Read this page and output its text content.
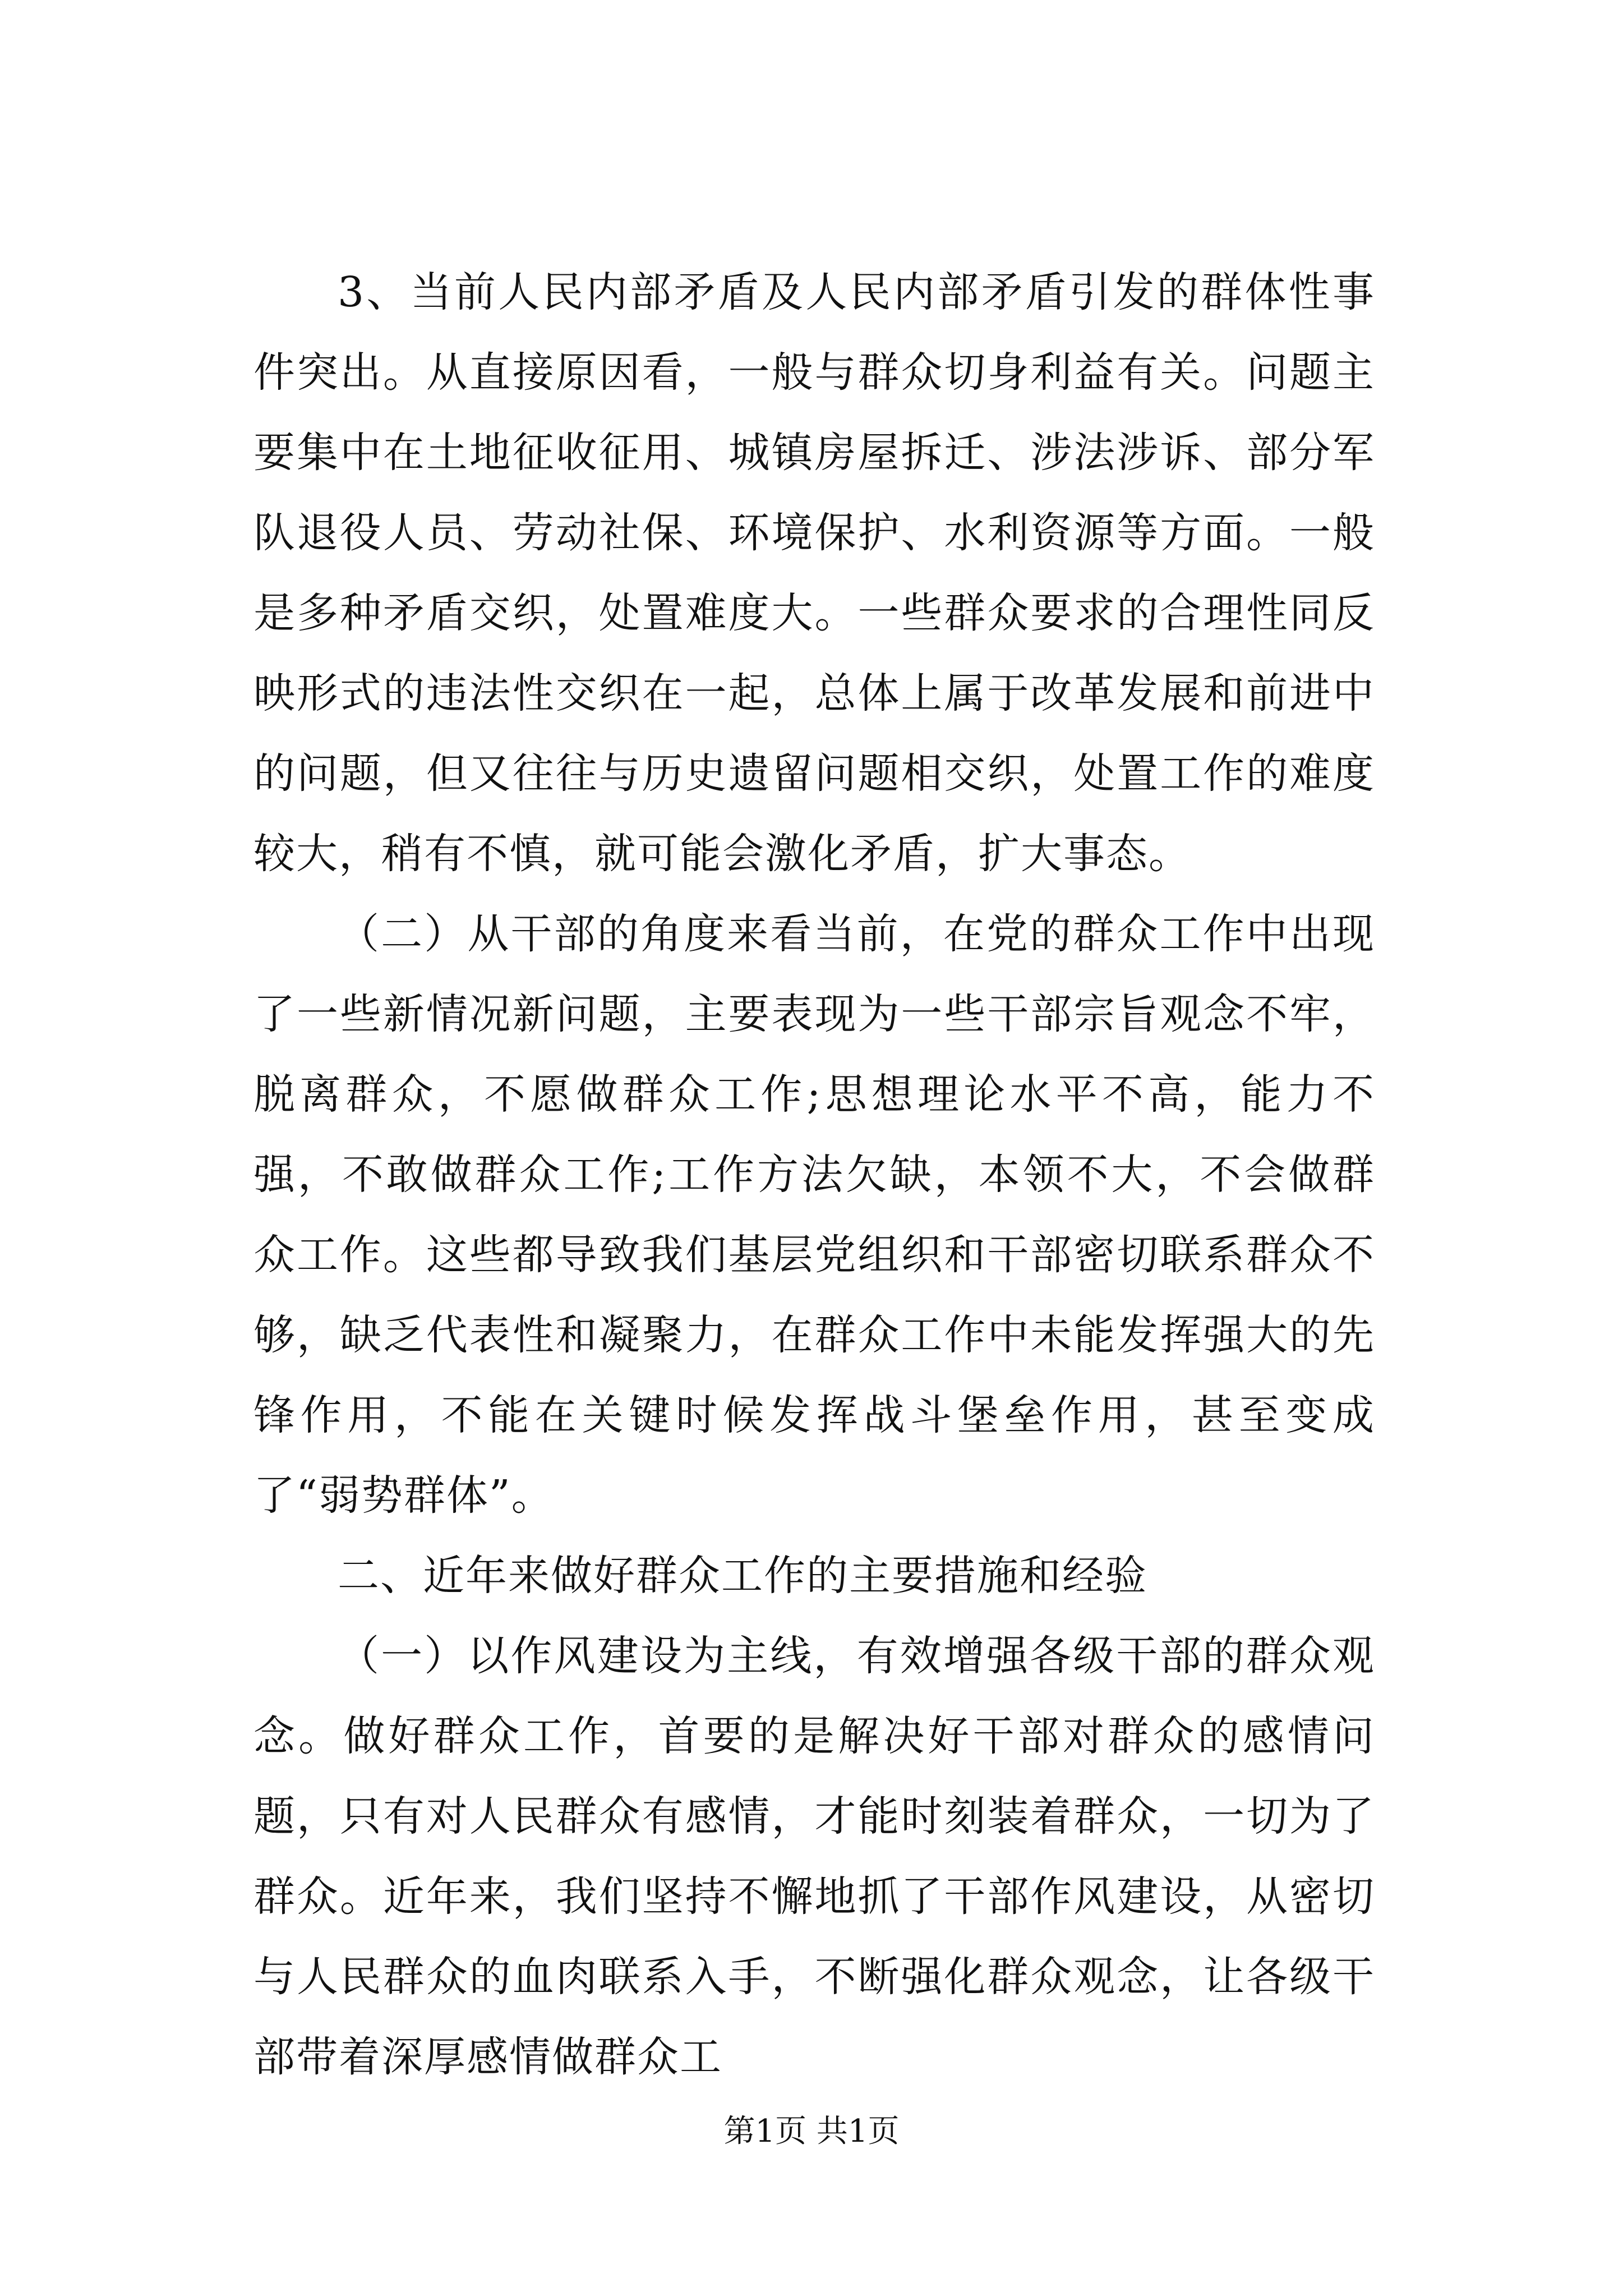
3、当前人民内部矛盾及人民内部矛盾引发的群体性事件突出。从直接原因看，一般与群众切身利益有关。问题主要集中在土地征收征用、城镇房屋拆迁、涉法涉诉、部分军队退役人员、劳动社保、环境保护、水利资源等方面。一般是多种矛盾交织，处置难度大。一些群众要求的合理性同反映形式的违法性交织在一起，总体上属于改革发展和前进中的问题，但又往往与历史遗留问题相交织，处置工作的难度较大，稍有不慎，就可能会激化矛盾，扩大事态。

（二）从干部的角度来看当前，在党的群众工作中出现了一些新情况新问题，主要表现为一些干部宗旨观念不牢，脱离群众，不愿做群众工作;思想理论水平不高，能力不强，不敢做群众工作;工作方法欠缺，本领不大，不会做群众工作。这些都导致我们基层党组织和干部密切联系群众不够，缺乏代表性和凝聚力，在群众工作中未能发挥强大的先锋作用，不能在关键时候发挥战斗堡垒作用，甚至变成了“弱势群体”。

二、近年来做好群众工作的主要措施和经验

（一）以作风建设为主线，有效增强各级干部的群众观念。做好群众工作，首要的是解决好干部对群众的感情问题，只有对人民群众有感情，才能时刻装着群众，一切为了群众。近年来，我们坚持不懈地抓了干部作风建设，从密切与人民群众的血肉联系入手，不断强化群众观念，让各级干部带着深厚感情做群众工

第1页 共1页
